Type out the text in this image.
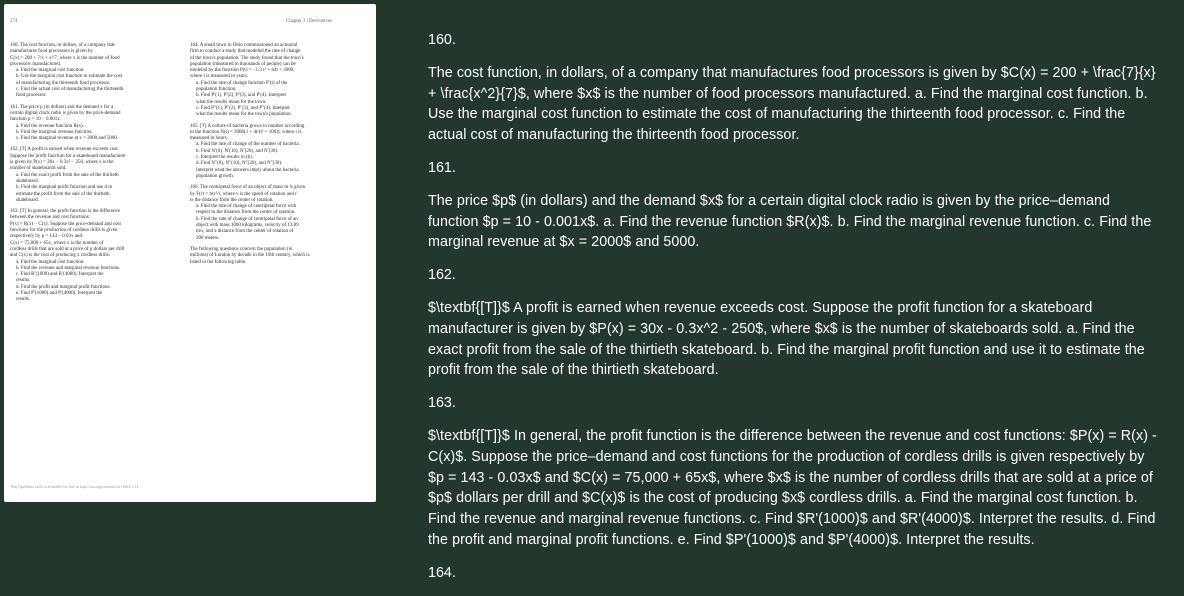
274	Chapter 3 | Derivatives
160. The cost function, in dollars, of a company that
manufactures food processors is given by
C(x) = 200 + 7/x + x²/7, where x is the number of food
processors manufactured.
a. Find the marginal cost function.
b. Use the marginal cost function to estimate the cost
of manufacturing the thirteenth food processor.
c. Find the actual cost of manufacturing the thirteenth
food processor.
161. The price p (in dollars) and the demand x for a
certain digital clock radio is given by the price-demand
function p = 10 − 0.001x.
a. Find the revenue function R(x).
b. Find the marginal revenue function.
c. Find the marginal revenue at x = 2000 and 5000.
162. [T] A profit is earned when revenue exceeds cost.
Suppose the profit function for a skateboard manufacturer
is given by P(x) = 30x − 0.3x² − 250, where x is the
number of skateboards sold.
a. Find the exact profit from the sale of the thirtieth
skateboard.
b. Find the marginal profit function and use it to
estimate the profit from the sale of the thirtieth
skateboard.
163. [T] In general, the profit function is the difference
between the revenue and cost functions:
P(x) = R(x) − C(x). Suppose the price-demand and cost
functions for the production of cordless drills is given
respectively by p = 143 − 0.03x and
C(x) = 75,000 + 65x, where x is the number of
cordless drills that are sold at a price of p dollars per drill
and C(x) is the cost of producing x cordless drills.
a. Find the marginal cost function.
b. Find the revenue and marginal revenue functions.
c. Find R′(1000) and R′(4000). Interpret the
results.
d. Find the profit and marginal profit functions.
e. Find P′(1000) and P′(4000). Interpret the
results.
164. A small town in Ohio commissioned an actuarial
firm to conduct a study that modeled the rate of change
of the town's population. The study found that the town's
population (measured in thousands of people) can be
modeled by the function P(t) = −1/3 t³ + 64t + 3000,
where t is measured in years.
a. Find the rate of change function P′(t) of the
population function.
b. Find P′(1), P′(2), P′(3), and P′(4). Interpret
what the results mean for the town.
c. Find P″(1), P″(2), P″(3), and P″(4). Interpret
what the results mean for the town's population.
165. [T] A culture of bacteria grows in number according
to the function N(t) = 3000(1 + 4t/(t² + 100)), where t is
measured in hours.
a. Find the rate of change of the number of bacteria.
b. Find N′(0), N′(10), N′(20), and N′(30).
c. Interpret the results in (b).
d. Find N″(0), N″(10), N″(20), and N″(30).
Interpret what the answers imply about the bacteria
population growth.
166. The centripetal force of an object of mass m is given
by F(r) = mv²/r, where v is the speed of rotation and r
is the distance from the center of rotation.
a. Find the rate of change of centripetal force with
respect to the distance from the center of rotation.
b. Find the rate of change of centripetal force of an
object with mass 1000 kilograms, velocity of 13.89
m/s, and a distance from the center of rotation of
200 meters.
The following questions concern the population (in
millions) of London by decade in the 19th century, which is
listed in the following table.
This OpenStax book is available for free at http://cnx.org/content/col11964/1.12
160.
The cost function, in dollars, of a company that manufactures food processors is given by $C(x) = 200 + \frac{7}{x} + \frac{x^2}{7}$, where $x$ is the number of food processors manufactured. a. Find the marginal cost function. b. Use the marginal cost function to estimate the cost of manufacturing the thirteenth food processor. c. Find the actual cost of manufacturing the thirteenth food processor.
161.
The price $p$ (in dollars) and the demand $x$ for a certain digital clock radio is given by the price–demand function $p = 10 - 0.001x$. a. Find the revenue function $R(x)$. b. Find the marginal revenue function. c. Find the marginal revenue at $x = 2000$ and 5000.
162.
$\textbf{[T]}$ A profit is earned when revenue exceeds cost. Suppose the profit function for a skateboard manufacturer is given by $P(x) = 30x - 0.3x^2 - 250$, where $x$ is the number of skateboards sold. a. Find the exact profit from the sale of the thirtieth skateboard. b. Find the marginal profit function and use it to estimate the profit from the sale of the thirtieth skateboard.
163.
$\textbf{[T]}$ In general, the profit function is the difference between the revenue and cost functions: $P(x) = R(x) - C(x)$. Suppose the price–demand and cost functions for the production of cordless drills is given respectively by $p = 143 - 0.03x$ and $C(x) = 75,000 + 65x$, where $x$ is the number of cordless drills that are sold at a price of $p$ dollars per drill and $C(x)$ is the cost of producing $x$ cordless drills. a. Find the marginal cost function. b. Find the revenue and marginal revenue functions. c. Find $R'(1000)$ and $R'(4000)$. Interpret the results. d. Find the profit and marginal profit functions. e. Find $P'(1000)$ and $P'(4000)$. Interpret the results.
164.
